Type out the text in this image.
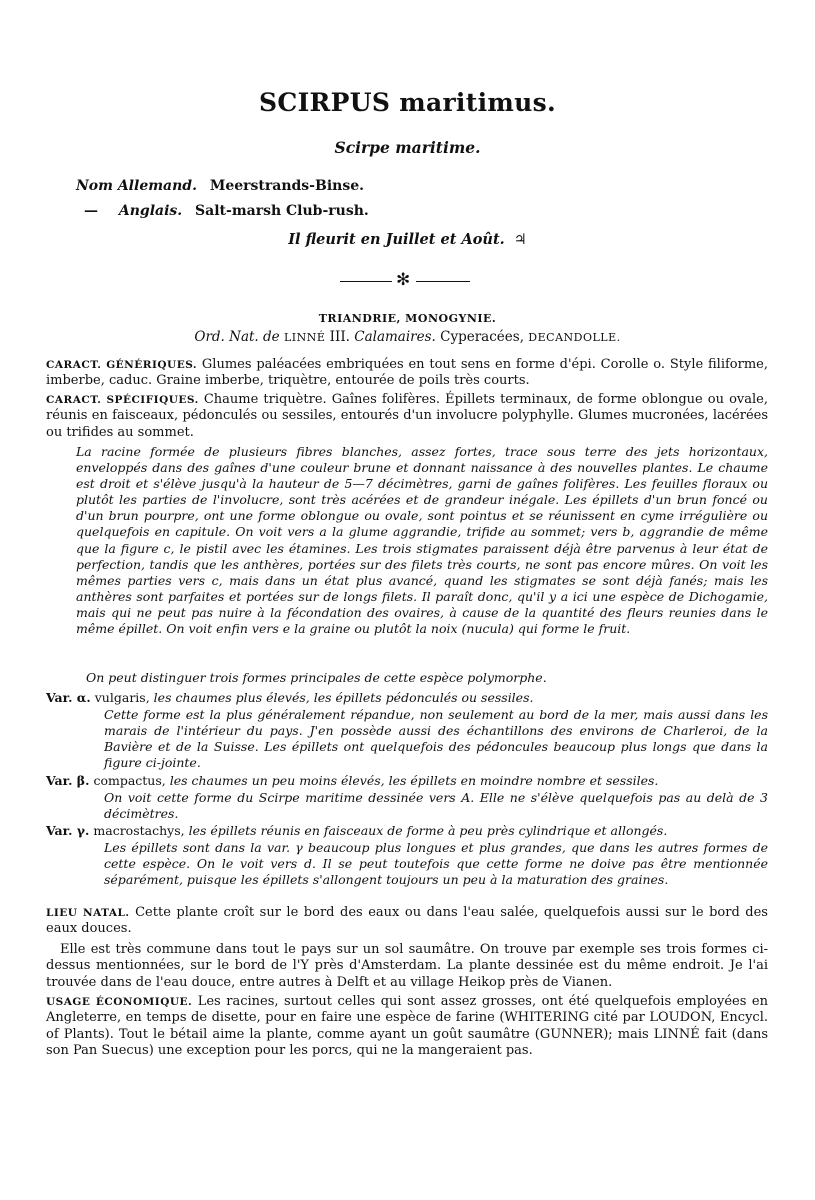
SCIRPUS maritimus.
Scirpe maritime.
Nom Allemand. Meerstrands-Binse.
— Anglais. Salt-marsh Club-rush.
Il fleurit en Juillet et Août. ♃
✻
TRIANDRIE, MONOGYNIE.
Ord. Nat. de LINNÉ III. Calamaires. Cyperacées, DECANDOLLE.

CARACT. GÉNÉRIQUES. Glumes paléacées embriquées en tout sens en forme d'épi. Corolle o. Style filiforme, imberbe, caduc. Graine imberbe, triquètre, entourée de poils très courts.

CARACT. SPÉCIFIQUES. Chaume triquètre. Gaînes folifères. Épillets terminaux, de forme oblongue ou ovale, réunis en faisceaux, pédonculés ou sessiles, entourés d'un involucre polyphylle. Glumes mucronées, lacérées ou trifides au sommet.

La racine formée de plusieurs fibres blanches, assez fortes, trace sous terre des jets horizontaux, enveloppés dans des gaînes d'une couleur brune et donnant naissance à des nouvelles plantes. Le chaume est droit et s'élève jusqu'à la hauteur de 5—7 décimètres, garni de gaînes folifères. Les feuilles floraux ou plutôt les parties de l'involucre, sont très acérées et de grandeur inégale. Les épillets d'un brun foncé ou d'un brun pourpre, ont une forme oblongue ou ovale, sont pointus et se réunissent en cyme irrégulière ou quelquefois en capitule. On voit vers a la glume aggrandie, trifide au sommet; vers b, aggrandie de même que la figure c, le pistil avec les étamines. Les trois stigmates paraissent déjà être parvenus à leur état de perfection, tandis que les anthères, portées sur des filets très courts, ne sont pas encore mûres. On voit les mêmes parties vers c, mais dans un état plus avancé, quand les stigmates se sont déjà fanés; mais les anthères sont parfaites et portées sur de longs filets. Il paraît donc, qu'il y a ici une espèce de Dichogamie, mais qui ne peut pas nuire à la fécondation des ovaires, à cause de la quantité des fleurs reunies dans le même épillet. On voit enfin vers e la graine ou plutôt la noix (nucula) qui forme le fruit.

On peut distinguer trois formes principales de cette espèce polymorphe.

Var. α. vulgaris, les chaumes plus élevés, les épillets pédonculés ou sessiles.

Cette forme est la plus généralement répandue, non seulement au bord de la mer, mais aussi dans les marais de l'intérieur du pays. J'en possède aussi des échantillons des environs de Charleroi, de la Bavière et de la Suisse. Les épillets ont quelquefois des pédoncules beaucoup plus longs que dans la figure ci-jointe.

Var. β. compactus, les chaumes un peu moins élevés, les épillets en moindre nombre et sessiles.

On voit cette forme du Scirpe maritime dessinée vers A. Elle ne s'élève quelquefois pas au delà de 3 décimètres.

Var. γ. macrostachys, les épillets réunis en faisceaux de forme à peu près cylindrique et allongés.

Les épillets sont dans la var. γ beaucoup plus longues et plus grandes, que dans les autres formes de cette espèce. On le voit vers d. Il se peut toutefois que cette forme ne doive pas être mentionnée séparément, puisque les épillets s'allongent toujours un peu à la maturation des graines.

LIEU NATAL. Cette plante croît sur le bord des eaux ou dans l'eau salée, quelquefois aussi sur le bord des eaux douces.

Elle est très commune dans tout le pays sur un sol saumâtre. On trouve par exemple ses trois formes ci-dessus mentionnées, sur le bord de l'Y près d'Amsterdam. La plante dessinée est du même endroit. Je l'ai trouvée dans de l'eau douce, entre autres à Delft et au village Heikop près de Vianen.

USAGE ÉCONOMIQUE. Les racines, surtout celles qui sont assez grosses, ont été quelquefois employées en Angleterre, en temps de disette, pour en faire une espèce de farine (WHITERING cité par LOUDON, Encycl. of Plants). Tout le bétail aime la plante, comme ayant un goût saumâtre (GUNNER); mais LINNÉ fait (dans son Pan Suecus) une exception pour les porcs, qui ne la mangeraient pas.
